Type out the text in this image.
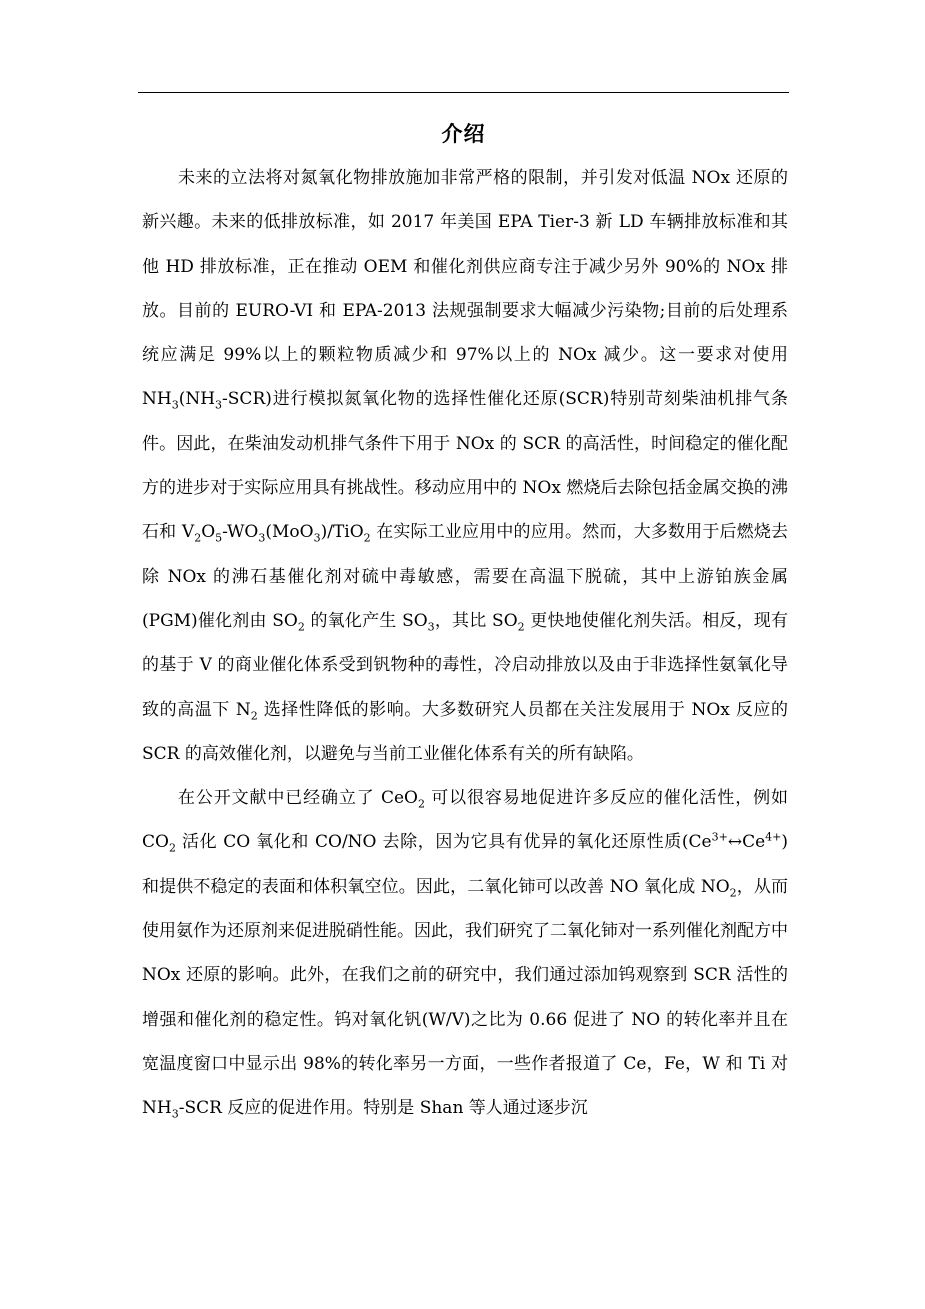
介绍

未来的立法将对氮氧化物排放施加非常严格的限制，并引发对低温 NOx 还原的新兴趣。未来的低排放标准，如 2017 年美国 EPA Tier-3 新 LD 车辆排放标准和其他 HD 排放标准，正在推动 OEM 和催化剂供应商专注于减少另外 90%的 NOx 排放。目前的 EURO-VI 和 EPA-2013 法规强制要求大幅减少污染物;目前的后处理系统应满足 99%以上的颗粒物质减少和 97%以上的 NOx 减少。这一要求对使用 $NH_3(NH_3-SCR)$进行模拟氮氧化物的选择性催化还原(SCR)特别苛刻柴油机排气条件。因此，在柴油发动机排气条件下用于 NOx 的 SCR 的高活性，时间稳定的催化配方的进步对于实际应用具有挑战性。移动应用中的 NOx 燃烧后去除包括金属交换的沸石和 $V_2O_5-WO_3(MoO_3)/TiO_2$ 在实际工业应用中的应用。然而，大多数用于后燃烧去除 NOx 的沸石基催化剂对硫中毒敏感，需要在高温下脱硫，其中上游铂族金属(PGM)催化剂由 $SO_2$ 的氧化产生 $SO_3$，其比 $SO_2$ 更快地使催化剂失活。相反，现有的基于 V 的商业催化体系受到钒物种的毒性，冷启动排放以及由于非选择性氨氧化导致的高温下 $N_2$ 选择性降低的影响。大多数研究人员都在关注发展用于 NOx 反应的 SCR 的高效催化剂，以避免与当前工业催化体系有关的所有缺陷。

在公开文献中已经确立了 CeO$_2$ 可以很容易地促进许多反应的催化活性，例如 $CO_2$ 活化 CO 氧化和 CO/NO 去除，因为它具有优异的氧化还原性质$(Ce^{3+}\leftrightarrow Ce^{4+})$和提供不稳定的表面和体积氧空位。因此，二氧化铈可以改善 NO 氧化成 $NO_2$，从而使用氨作为还原剂来促进脱硝性能。因此，我们研究了二氧化铈对一系列催化剂配方中 NOx 还原的影响。此外，在我们之前的研究中，我们通过添加钨观察到 SCR 活性的增强和催化剂的稳定性。钨对氧化钒(W/V)之比为 0.66 促进了 NO 的转化率并且在宽温度窗口中显示出 98%的转化率另一方面，一些作者报道了 Ce，Fe，W 和 Ti 对 $NH_3$-SCR 反应的促进作用。特别是 Shan 等人通过逐步沉
